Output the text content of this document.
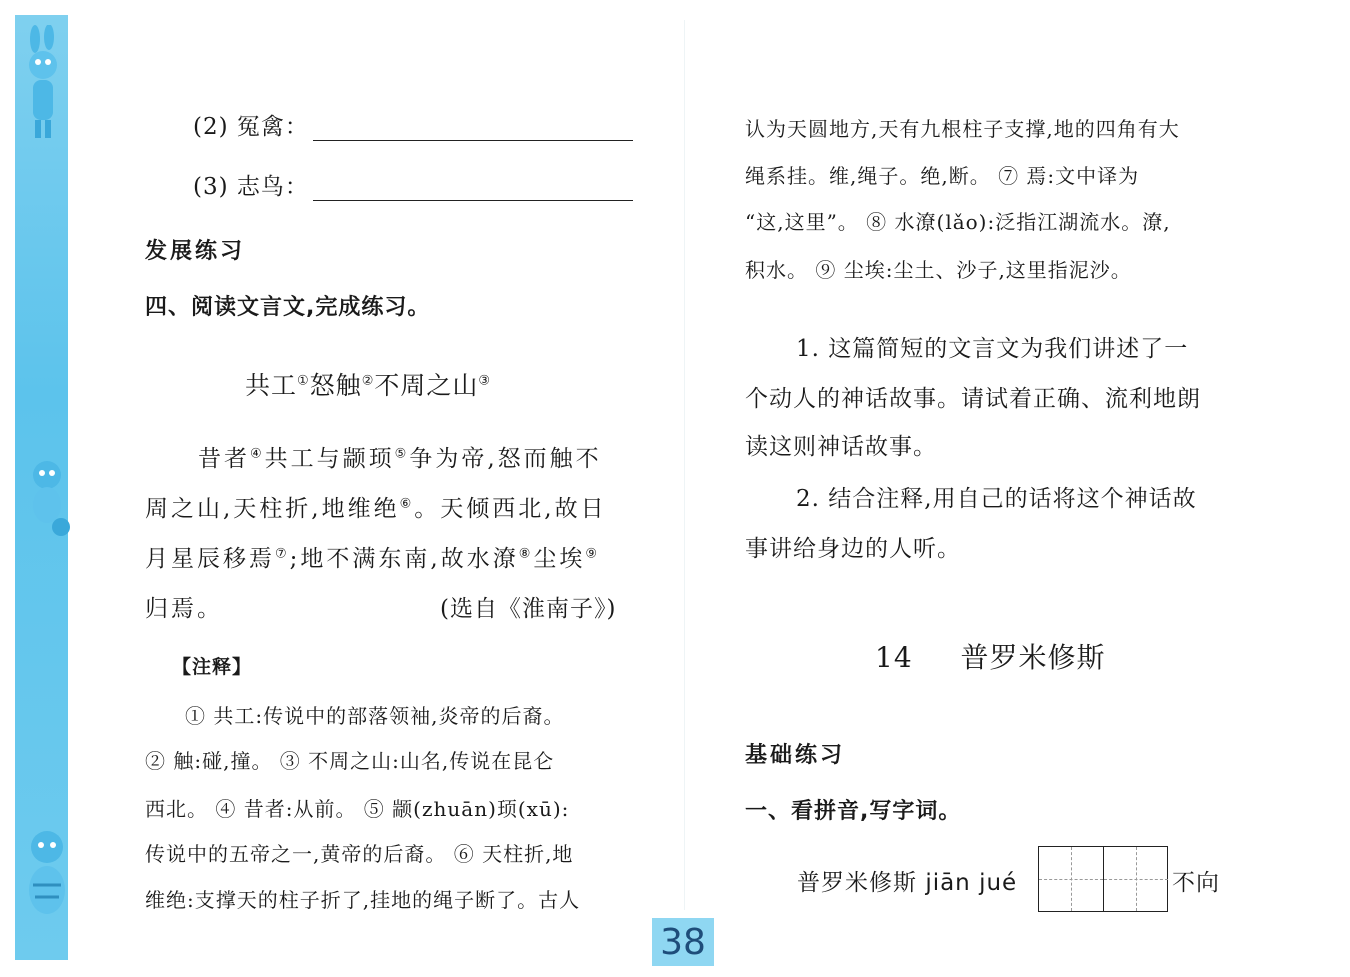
(2) 冤禽：
(3) 志鸟：
发展练习
四、阅读文言文,完成练习。
共工①怒触②不周之山③
昔者④共工与颛顼⑤争为帝,怒而触不
周之山,天柱折,地维绝⑥。天倾西北,故日
月星辰移焉⑦;地不满东南,故水潦⑧尘埃⑨
归焉。	(选自《淮南子》)
【注释】
① 共工:传说中的部落领袖,炎帝的后裔。
② 触:碰,撞。 ③ 不周之山:山名,传说在昆仑
西北。 ④ 昔者:从前。 ⑤ 颛(zhuān)顼(xū):
传说中的五帝之一,黄帝的后裔。 ⑥ 天柱折,地
维绝:支撑天的柱子折了,挂地的绳子断了。古人
认为天圆地方,天有九根柱子支撑,地的四角有大
绳系挂。维,绳子。绝,断。 ⑦ 焉:文中译为
“这,这里”。 ⑧ 水潦(lǎo):泛指江湖流水。潦,
积水。 ⑨ 尘埃:尘土、沙子,这里指泥沙。
1. 这篇简短的文言文为我们讲述了一
个动人的神话故事。请试着正确、流利地朗
读这则神话故事。
2. 结合注释,用自己的话将这个神话故
事讲给身边的人听。
14 普罗米修斯
基础练习
一、看拼音,写字词。
普罗米修斯 jiān jué	不向
38
